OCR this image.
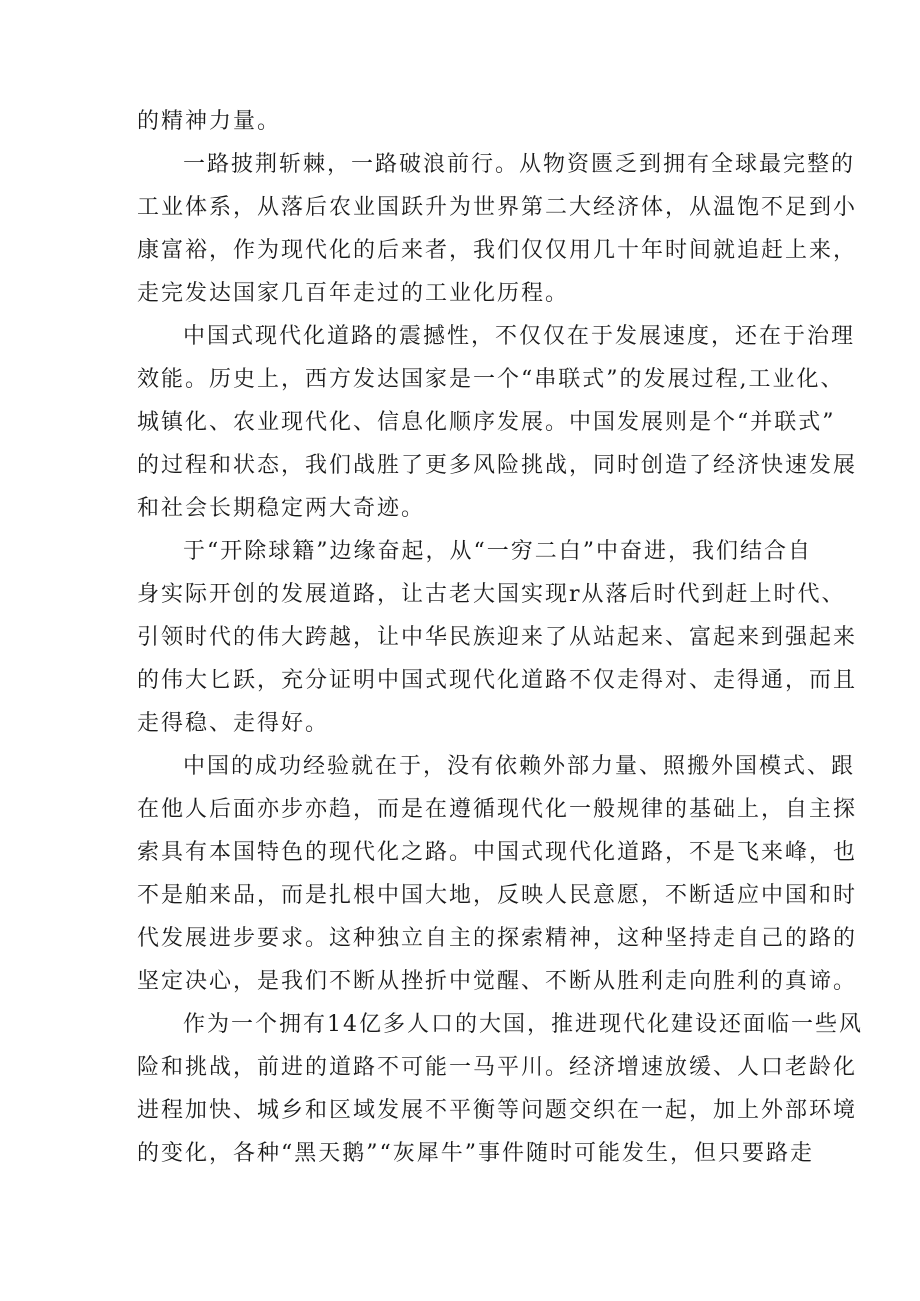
的精神力量。
一路披荆斩棘，一路破浪前行。从物资匮乏到拥有全球最完整的
工业体系，从落后农业国跃升为世界第二大经济体，从温饱不足到小
康富裕，作为现代化的后来者，我们仅仅用几十年时间就追赶上来，
走完发达国家几百年走过的工业化历程。
中国式现代化道路的震撼性，不仅仅在于发展速度，还在于治理
效能。历史上，西方发达国家是一个“串联式”的发展过程,工业化、
城镇化、农业现代化、信息化顺序发展。中国发展则是个“并联式”
的过程和状态，我们战胜了更多风险挑战，同时创造了经济快速发展
和社会长期稳定两大奇迹。
于“开除球籍”边缘奋起，从“一穷二白”中奋进，我们结合自
身实际开创的发展道路，让古老大国实现r从落后时代到赶上时代、
引领时代的伟大跨越，让中华民族迎来了从站起来、富起来到强起来
的伟大匕跃，充分证明中国式现代化道路不仅走得对、走得通，而且
走得稳、走得好。
中国的成功经验就在于，没有依赖外部力量、照搬外国模式、跟
在他人后面亦步亦趋，而是在遵循现代化一般规律的基础上，自主探
索具有本国特色的现代化之路。中国式现代化道路，不是飞来峰，也
不是舶来品，而是扎根中国大地，反映人民意愿，不断适应中国和时
代发展进步要求。这种独立自主的探索精神，这种坚持走自己的路的
坚定决心，是我们不断从挫折中觉醒、不断从胜利走向胜利的真谛。
作为一个拥有14亿多人口的大国，推进现代化建设还面临一些风
险和挑战，前进的道路不可能一马平川。经济增速放缓、人口老龄化
进程加快、城乡和区域发展不平衡等问题交织在一起，加上外部环境
的变化，各种“黑天鹅”“灰犀牛”事件随时可能发生，但只要路走
